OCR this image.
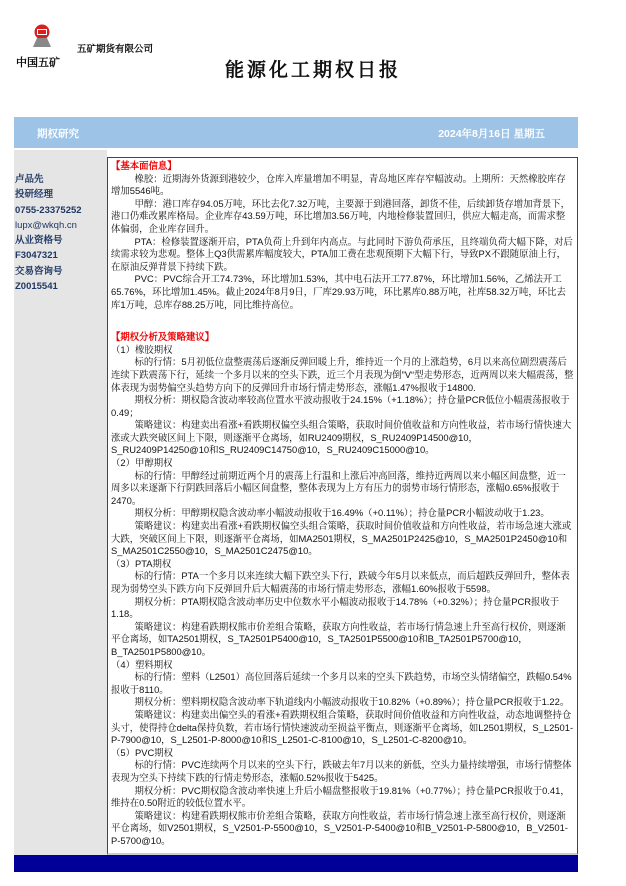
中国五矿
五矿期货有限公司
能源化工期权日报
期权研究	2024年8月16日 星期五
卢品先
投研经理
0755-23375252
lupx@wkqh.cn
从业资格号
F3047321
交易咨询号
Z0015541
【基本面信息】

橡胶：近期海外货源到港较少，仓库入库量增加不明显，青岛地区库存窄幅波动。上期所：天然橡胶库存增加5546吨。

甲醇：港口库存94.05万吨，环比去化7.32万吨，主要源于到港回落，卸货不佳，后续卸货存增加背景下，港口仍难改累库格局。企业库存43.59万吨，环比增加3.56万吨，内地检修装置回归，供应大幅走高，而需求整体偏弱，企业库存回升。

PTA：检修装置逐渐开启，PTA负荷上升到年内高点。与此同时下游负荷承压，且终端负荷大幅下降，对后续需求较为悲观。整体上Q3供需累库幅度较大，PTA加工费在悲观预期下大幅下行，导致PX不跟随原油上行，在原油反弹背景下持续下跌。

PVC：PVC综合开工74.73%，环比增加1.53%，其中电石法开工77.87%，环比增加1.56%，乙烯法开工65.76%，环比增加1.45%。截止2024年8月9日，厂库29.93万吨，环比累库0.88万吨，社库58.32万吨，环比去库1万吨，总库存88.25万吨，同比维持高位。

【期权分析及策略建议】

（1）橡胶期权

标的行情：5月初低位盘整震荡后逐渐反弹回暖上升，维持近一个月的上涨趋势，6月以来高位剧烈震荡后连续下跌震荡下行，延续一个多月以来的空头下跌，近三个月表现为倒”V“型走势形态，近两周以来大幅震荡，整体表现为弱势偏空头趋势方向下的反弹回升市场行情走势形态，涨幅1.47%报收于14800.

期权分析：期权隐含波动率较高位置水平波动报收于24.15%（+1.18%）；持仓量PCR低位小幅震荡报收于0.49；

策略建议：构建卖出看涨+看跌期权偏空头组合策略，获取时间价值收益和方向性收益，若市场行情快速大涨或大跌突破区间上下限，则逐渐平仓离场，如RU2409期权，S_RU2409P14500@10，S_RU2409P14250@10和S_RU2409C14750@10，S_RU2409C15000@10。

（2）甲醇期权

标的行情：甲醇经过前期近两个月的震荡上行温和上涨后冲高回落，维持近两周以来小幅区间盘整，近一周多以来逐渐下行阴跌回落后小幅区间盘整，整体表现为上方有压力的弱势市场行情形态，涨幅0.65%报收于2470。

期权分析：甲醇期权隐含波动率小幅波动报收于16.49%（+0.11%）；持仓量PCR小幅波动收于1.23。

策略建议：构建卖出看涨+看跌期权偏空头组合策略，获取时间价值收益和方向性收益，若市场急速大涨或大跌，突破区间上下限，则逐渐平仓离场，如MA2501期权，S_MA2501P2425@10，S_MA2501P2450@10和S_MA2501C2550@10，S_MA2501C2475@10。

（3）PTA期权

标的行情：PTA一个多月以来连续大幅下跌空头下行，跌破今年5月以来低点，而后超跌反弹回升，整体表现为弱势空头下跌方向下反弹回升后大幅震荡的市场行情走势形态，涨幅1.60%报收于5598。

期权分析：PTA期权隐含波动率历史中位数水平小幅波动报收于14.78%（+0.32%）；持仓量PCR报收于1.18。

策略建议：构建看跌期权熊市价差组合策略，获取方向性收益，若市场行情急速上升至高行权价，则逐渐平仓离场，如TA2501期权，S_TA2501P5400@10，S_TA2501P5500@10和B_TA2501P5700@10，B_TA2501P5800@10。

（4）塑料期权

标的行情：塑料（L2501）高位回落后延续一个多月以来的空头下跌趋势，市场空头情绪偏空，跌幅0.54%报收于8110。

期权分析：塑料期权隐含波动率下轨道线内小幅波动报收于10.82%（+0.89%）；持仓量PCR报收于1.22。

策略建议：构建卖出偏空头的看涨+看跌期权组合策略，获取时间价值收益和方向性收益，动态地调整持仓头寸，使得持仓delta保持负数，若市场行情快速波动至损益平衡点，则逐渐平仓离场，如L2501期权，S_L2501-P-7900@10，S_L2501-P-8000@10和S_L2501-C-8100@10，S_L2501-C-8200@10。

（5）PVC期权

标的行情：PVC连续两个月以来的空头下行，跌破去年7月以来的新低，空头力量持续增强，市场行情整体表现为空头下持续下跌的行情走势形态，涨幅0.52%报收于5425。

期权分析：PVC期权隐含波动率快速上升后小幅盘整报收于19.81%（+0.77%）；持仓量PCR报收于0.41，维持在0.50附近的较低位置水平。

策略建议：构建看跌期权熊市价差组合策略，获取方向性收益，若市场行情急速上涨至高行权价，则逐渐平仓离场，如V2501期权，S_V2501-P-5500@10，S_V2501-P-5400@10和B_V2501-P-5800@10，B_V2501-P-5700@10。
